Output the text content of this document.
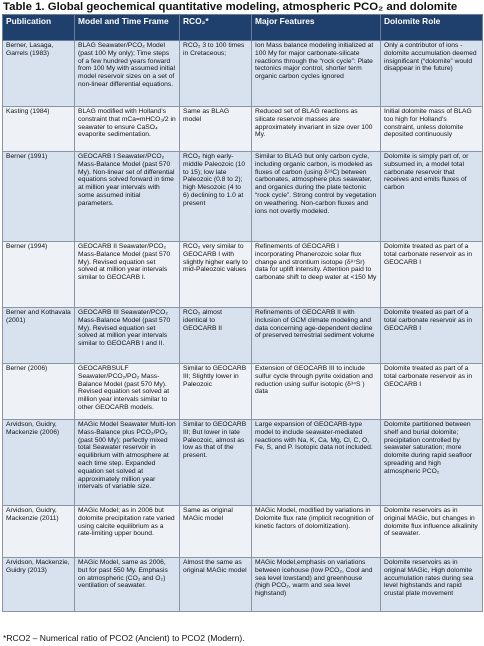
Table 1. Global geochemical quantitative modeling, atmospheric PCO₂ and dolomite
Publication	Model and Time Frame	RCO₂*	Major Features	Dolomite Role
Berner, Lasaga, Garrels (1983)	BLAG Seawater/PCO₂ Model (past 100 My only); Time steps of a few hundred years forward from 100 My with assumed initial model reservoir sizes on a set of non-linear differential equations.	RCO₂ 3 to 100 times in Cretaceous;	Ion Mass balance modeling initialized at 100 My for major carbonate-silicate reactions through the “rock cycle”: Plate tectonics major control, shorter term organic carbon cycles ignored	Only a contributor of ions - dolomite accumulation deemed insignificant (“dolomite” would disappear in the future)
Kasting (1984)	BLAG modified with Holland’s constraint that mCa=mHCO₃/2 in seawater to ensure CaSO₄ evaporite sedimentation.	Same as BLAG model	Reduced set of BLAG reactions as silicate reservoir masses are approximately invariant in size over 100 My.	Initial dolomite mass of BLAG too high for Holland’s constraint, unless dolomite deposited continuously
Berner (1991)	GEOCARB I Seawater/PCO₂ Mass-Balance Model (past 570 My). Non-linear set of differential equations solved forward in time at million year intervals with some assumed initial parameters.	RCO₂ high early-middle Paleozoic (10 to 15); low late Paleozoic (0.8 to 2); high Mesozoic (4 to 6) declining to 1.0 at present	Similar to BLAG but only carbon cycle, including organic carbon, is modeled as fluxes of carbon (using δ¹³C) between carbonates, atmosphere plus seawater, and organics during the plate tectonic “rock cycle”. Strong control by vegetation on weathering. Non-carbon fluxes and ions not overtly modeled.	Dolomite is simply part of, or subsumed in, a model total carbonate reservoir that receives and emits fluxes of carbon
Berner (1994)	GEOCARB II Seawater/PCO₂ Mass-Balance Model (past 570 My). Revised equation set solved at million year intervals similar to GEOCARB I.	RCO₂ very similar to GEOCARB I with slightly higher early to mid-Paleozoic values	Refinements of GEOCARB I incorporating Phanerozoic solar flux change and strontium isotope (δ⁸⁷Sr) data for uplift intensity. Attention paid to carbonate shift to deep water at <150 My	Dolomite treated as part of a total carbonate reservoir as in GEOCARB I
Berner and Kothavala (2001)	GEOCARB III Seawater/PCO₂ Mass-Balance Model (past 570 My). Revised equation set solved at million year intervals similar to GEOCARB I and II.	RCO₂ almost identical to GEOCARB II	Refinements of GEOCARB II with inclusion of GCM climate modeling and data concerning age-dependent decline of preserved terrestrial sediment volume	Dolomite treated as part of a total carbonate reservoir as in GEOCARB I
Berner (2006)	GEOCARBSULF Seawater/PCO₂/PO₂ Mass-Balance Model (past 570 My). Revised equation set solved at million year intervals similar to other GEOCARB models.	Similar to GEOCARB III; Slightly lower in Paleozoic	Extension of GEOCARB III to include sulfur cycle through pyrite oxidation and reduction using sulfur isotopic (δ³⁴S ) data	Dolomite treated as part of a total carbonate reservoir as in GEOCARB I
Arvidson, Guidry, Mackenzie (2006)	MAGic Model Seawater Multi-Ion Mass-Balance plus PCO₂/PO₂ (past 500 My); perfectly mixed total Seawater reservoir in equilibrium with atmosphere at each time step. Expanded equation set solved at approximately million year intervals of variable size.	Similar to GEOCARB III; But lower in late Paleozoic, almost as low as that of the present.	Large expansion of GEOCARB-type model to include seawater-mediated reactions with Na, K, Ca, Mg, Cl, C, O, Fe, S, and P. Isotopic data not included.	Dolomite partitioned between shelf and burial dolomite; precipitation controlled by seawater saturation; more dolomite during rapid seafloor spreading and high atmospheric PCO₂
Arvidson, Guidry, Mackenzie (2011)	MAGic Model; as in 2006 but dolomite precipitation rate varied using calcite equilibrium as a rate-limiting upper bound.	Same as original MAGic model	MAGic Model, modified by variations in Dolomite flux rate (implicit recognition of kinetic factors of dolomitization).	Dolomite reservoirs as in original MAGic, but changes in dolomite flux influence alkalinity of seawater.
Arvidson, Mackenzie, Guidry (2013)	MAGic Model, same as 2006, but for past 550 My. Emphasis on atmospheric (CO₂ and O₂) ventilation of seawater.	Almost the same as original MAGic model	MAGic Model,emphasis on variations between icehouse (low PCO₂, Cool and sea level lowstand) and greenhouse (high PCO₂, warm and sea level highstand)	Dolomite reservoirs as in original MAGic, High dolomite accumulation rates during sea level highstands and rapid crustal plate movement
*RCO2 – Numerical ratio of PCO2 (Ancient) to PCO2 (Modern).
